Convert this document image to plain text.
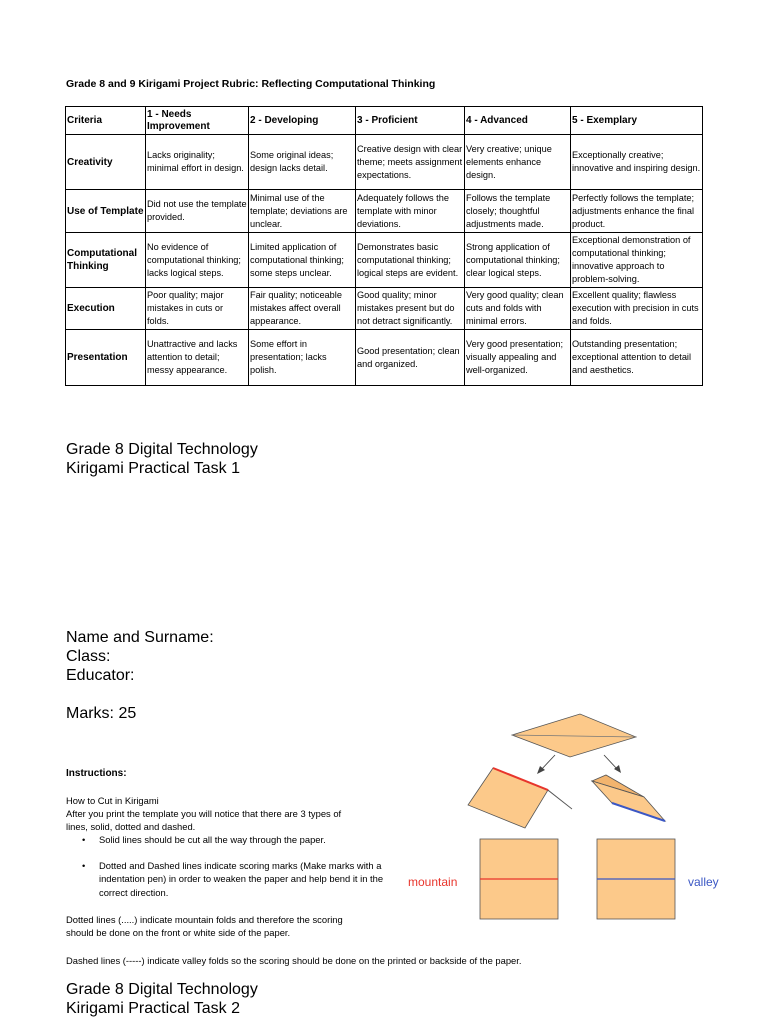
Grade 8 and 9 Kirigami Project Rubric: Reflecting Computational Thinking
Criteria	1 - Needs Improvement	2 - Developing	3 - Proficient	4 - Advanced	5 - Exemplary
Creativity	Lacks originality; minimal effort in design.	Some original ideas; design lacks detail.	Creative design with clear theme; meets assignment expectations.	Very creative; unique elements enhance design.	Exceptionally creative; innovative and inspiring design.
Use of Template	Did not use the template provided.	Minimal use of the template; deviations are unclear.	Adequately follows the template with minor deviations.	Follows the template closely; thoughtful adjustments made.	Perfectly follows the template; adjustments enhance the final product.
Computational Thinking	No evidence of computational thinking; lacks logical steps.	Limited application of computational thinking; some steps unclear.	Demonstrates basic computational thinking; logical steps are evident.	Strong application of computational thinking; clear logical steps.	Exceptional demonstration of computational thinking; innovative approach to problem-solving.
Execution	Poor quality; major mistakes in cuts or folds.	Fair quality; noticeable mistakes affect overall appearance.	Good quality; minor mistakes present but do not detract significantly.	Very good quality; clean cuts and folds with minimal errors.	Excellent quality; flawless execution with precision in cuts and folds.
Presentation	Unattractive and lacks attention to detail; messy appearance.	Some effort in presentation; lacks polish.	Good presentation; clean and organized.	Very good presentation; visually appealing and well-organized.	Outstanding presentation; exceptional attention to detail and aesthetics.
Grade 8 Digital Technology
Kirigami Practical Task 1
Name and Surname:
Class:
Educator:
Marks: 25
Instructions:
How to Cut in Kirigami
After you print the template you will notice that there are 3 types of
lines, solid, dotted and dashed.
• Solid lines should be cut all the way through the paper.
• Dotted and Dashed lines indicate scoring marks (Make marks with a indentation pen) in order to weaken the paper and help bend it in the correct direction.
Dotted lines (.....) indicate mountain folds and therefore the scoring
should be done on the front or white side of the paper.
Dashed lines (-----) indicate valley folds so the scoring should be done on the printed or backside of the paper.
mountain	valley
Grade 8 Digital Technology
Kirigami Practical Task 2
